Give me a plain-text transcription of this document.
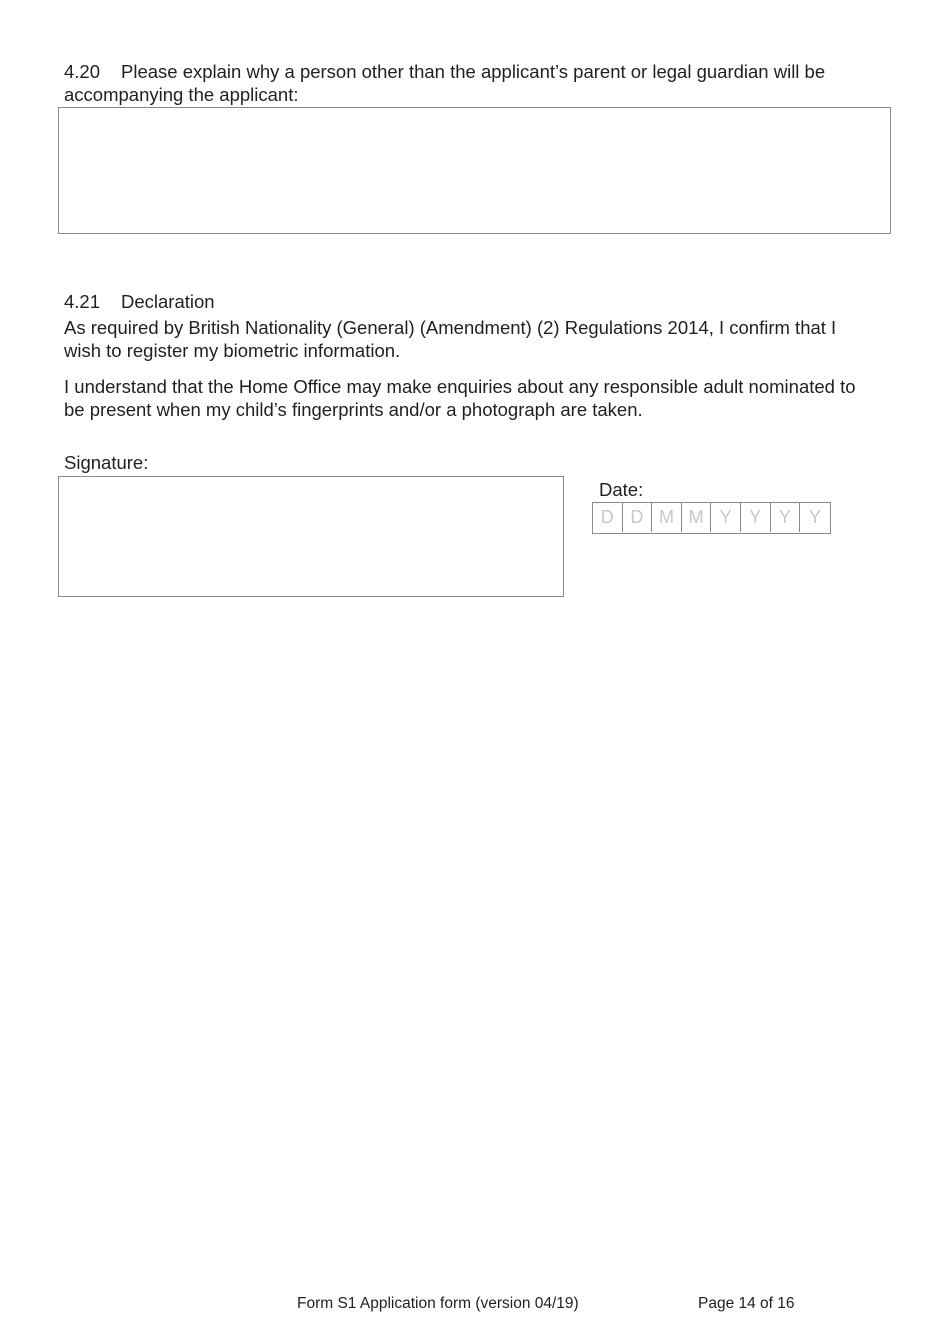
4.20 Please explain why a person other than the applicant’s parent or legal guardian will be
accompanying the applicant:
4.21 Declaration

As required by British Nationality (General) (Amendment) (2) Regulations 2014, I confirm that I
wish to register my biometric information.

I understand that the Home Office may make enquiries about any responsible adult nominated to
be present when my child’s fingerprints and/or a photograph are taken.

Signature:
Date:
D D M M Y Y Y	Y
Form S1 Application form (version 04/19)	Page 14 of 16
